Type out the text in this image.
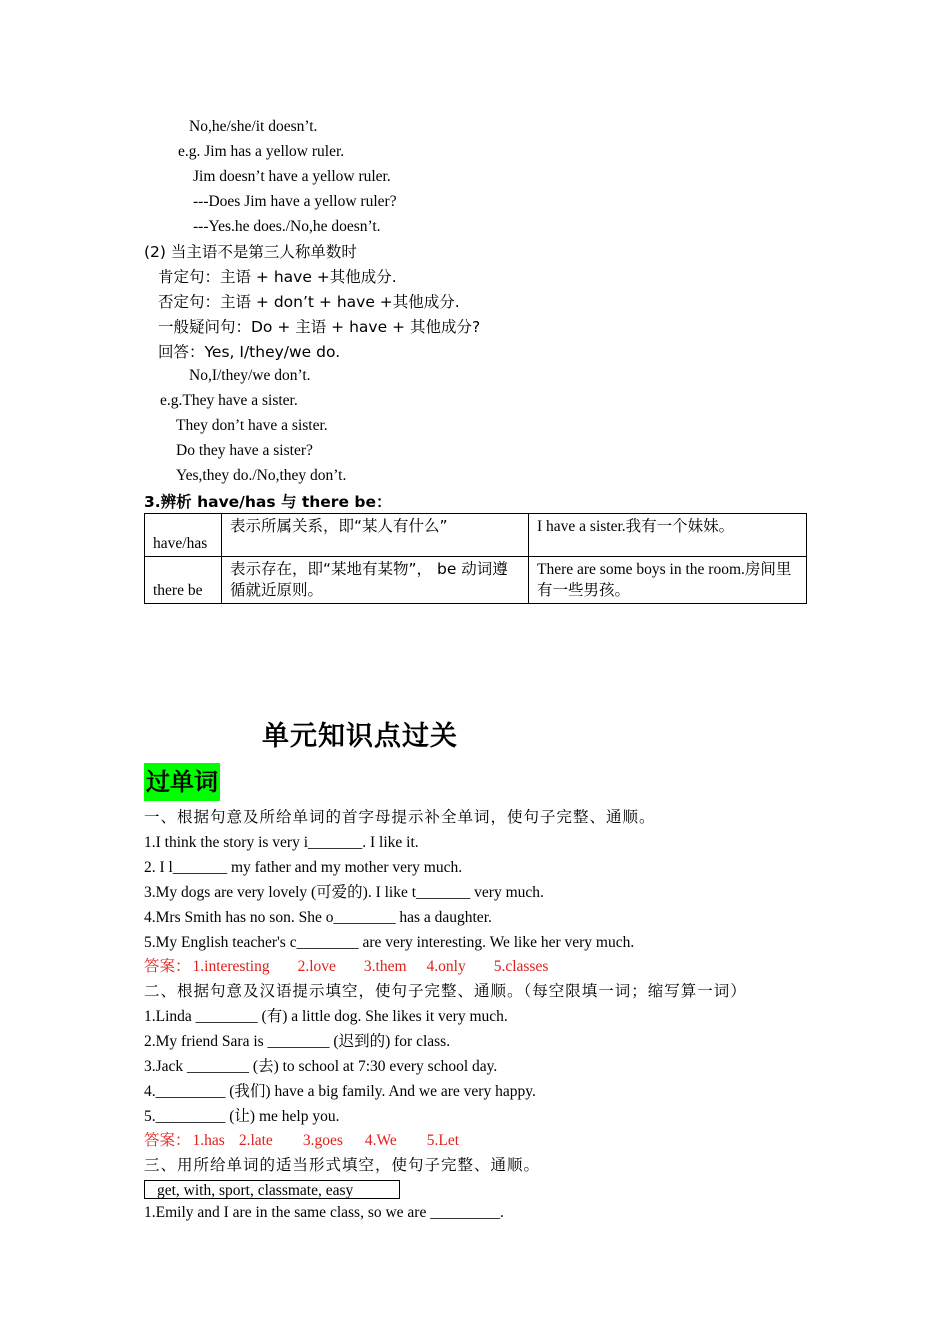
No,he/she/it doesn’t.
e.g. Jim has a yellow ruler.
Jim doesn’t have a yellow ruler.
---Does Jim have a yellow ruler?
---Yes.he does./No,he doesn’t.
(2) 当主语不是第三人称单数时
肯定句：主语 + have +其他成分.
否定句：主语 + don’t + have +其他成分.
一般疑问句：Do + 主语 + have + 其他成分?
回答：Yes, I/they/we do.
No,I/they/we don’t.
e.g.They have a sister.
They don’t have a sister.
Do they have a sister?
Yes,they do./No,they don’t.
3.辨析 have/has 与 there be：
have/has	表示所属关系，即“某人有什么”	I have a sister.我有一个妹妹。
there be	表示存在，即“某地有某物”， be 动词遵循就近原则。	There are some boys in the room.房间里有一些男孩。
单元知识点过关
过单词
一、根据句意及所给单词的首字母提示补全单词，使句子完整、通顺。
1.I think the story is very i_______. I like it.
2. I l_______ my father and my mother very much.
3.My dogs are very lovely (可爱的). I like t_______ very much.
4.Mrs Smith has no son. She o________ has a daughter.
5.My English teacher's c________ are very interesting. We like her very much.
答案： 1.interesting 2.love 3.them 4.only 5.classes
二、根据句意及汉语提示填空，使句子完整、通顺。（每空限填一词；缩写算一词）
1.Linda ________ (有) a little dog. She likes it very much.
2.My friend Sara is ________ (迟到的) for class.
3.Jack ________ (去) to school at 7:30 every school day.
4._________ (我们) have a big family. And we are very happy.
5._________ (让) me help you.
答案： 1.has 2.late 3.goes 4.We 5.Let
三、用所给单词的适当形式填空，使句子完整、通顺。
get, with, sport, classmate, easy
1.Emily and I are in the same class, so we are _________.
